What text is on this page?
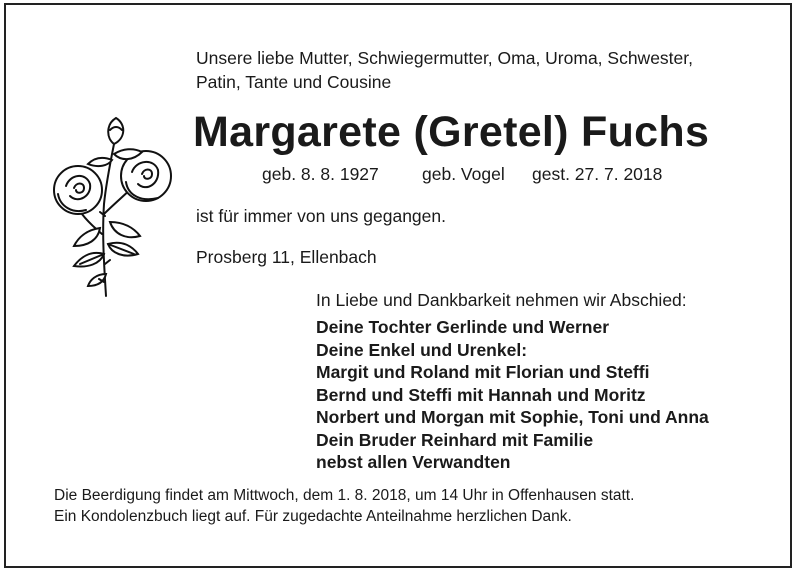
Unsere liebe Mutter, Schwiegermutter, Oma, Uroma, Schwester,
Patin, Tante und Cousine
Margarete (Gretel) Fuchs
geb. 8. 8. 1927 geb. Vogel gest. 27. 7. 2018
ist für immer von uns gegangen.
Prosberg 11, Ellenbach
In Liebe und Dankbarkeit nehmen wir Abschied:
Deine Tochter Gerlinde und Werner
Deine Enkel und Urenkel:
Margit und Roland mit Florian und Steffi
Bernd und Steffi mit Hannah und Moritz
Norbert und Morgan mit Sophie, Toni und Anna
Dein Bruder Reinhard mit Familie
nebst allen Verwandten
Die Beerdigung findet am Mittwoch, dem 1. 8. 2018, um 14 Uhr in Offenhausen statt.
Ein Kondolenzbuch liegt auf. Für zugedachte Anteilnahme herzlichen Dank.
